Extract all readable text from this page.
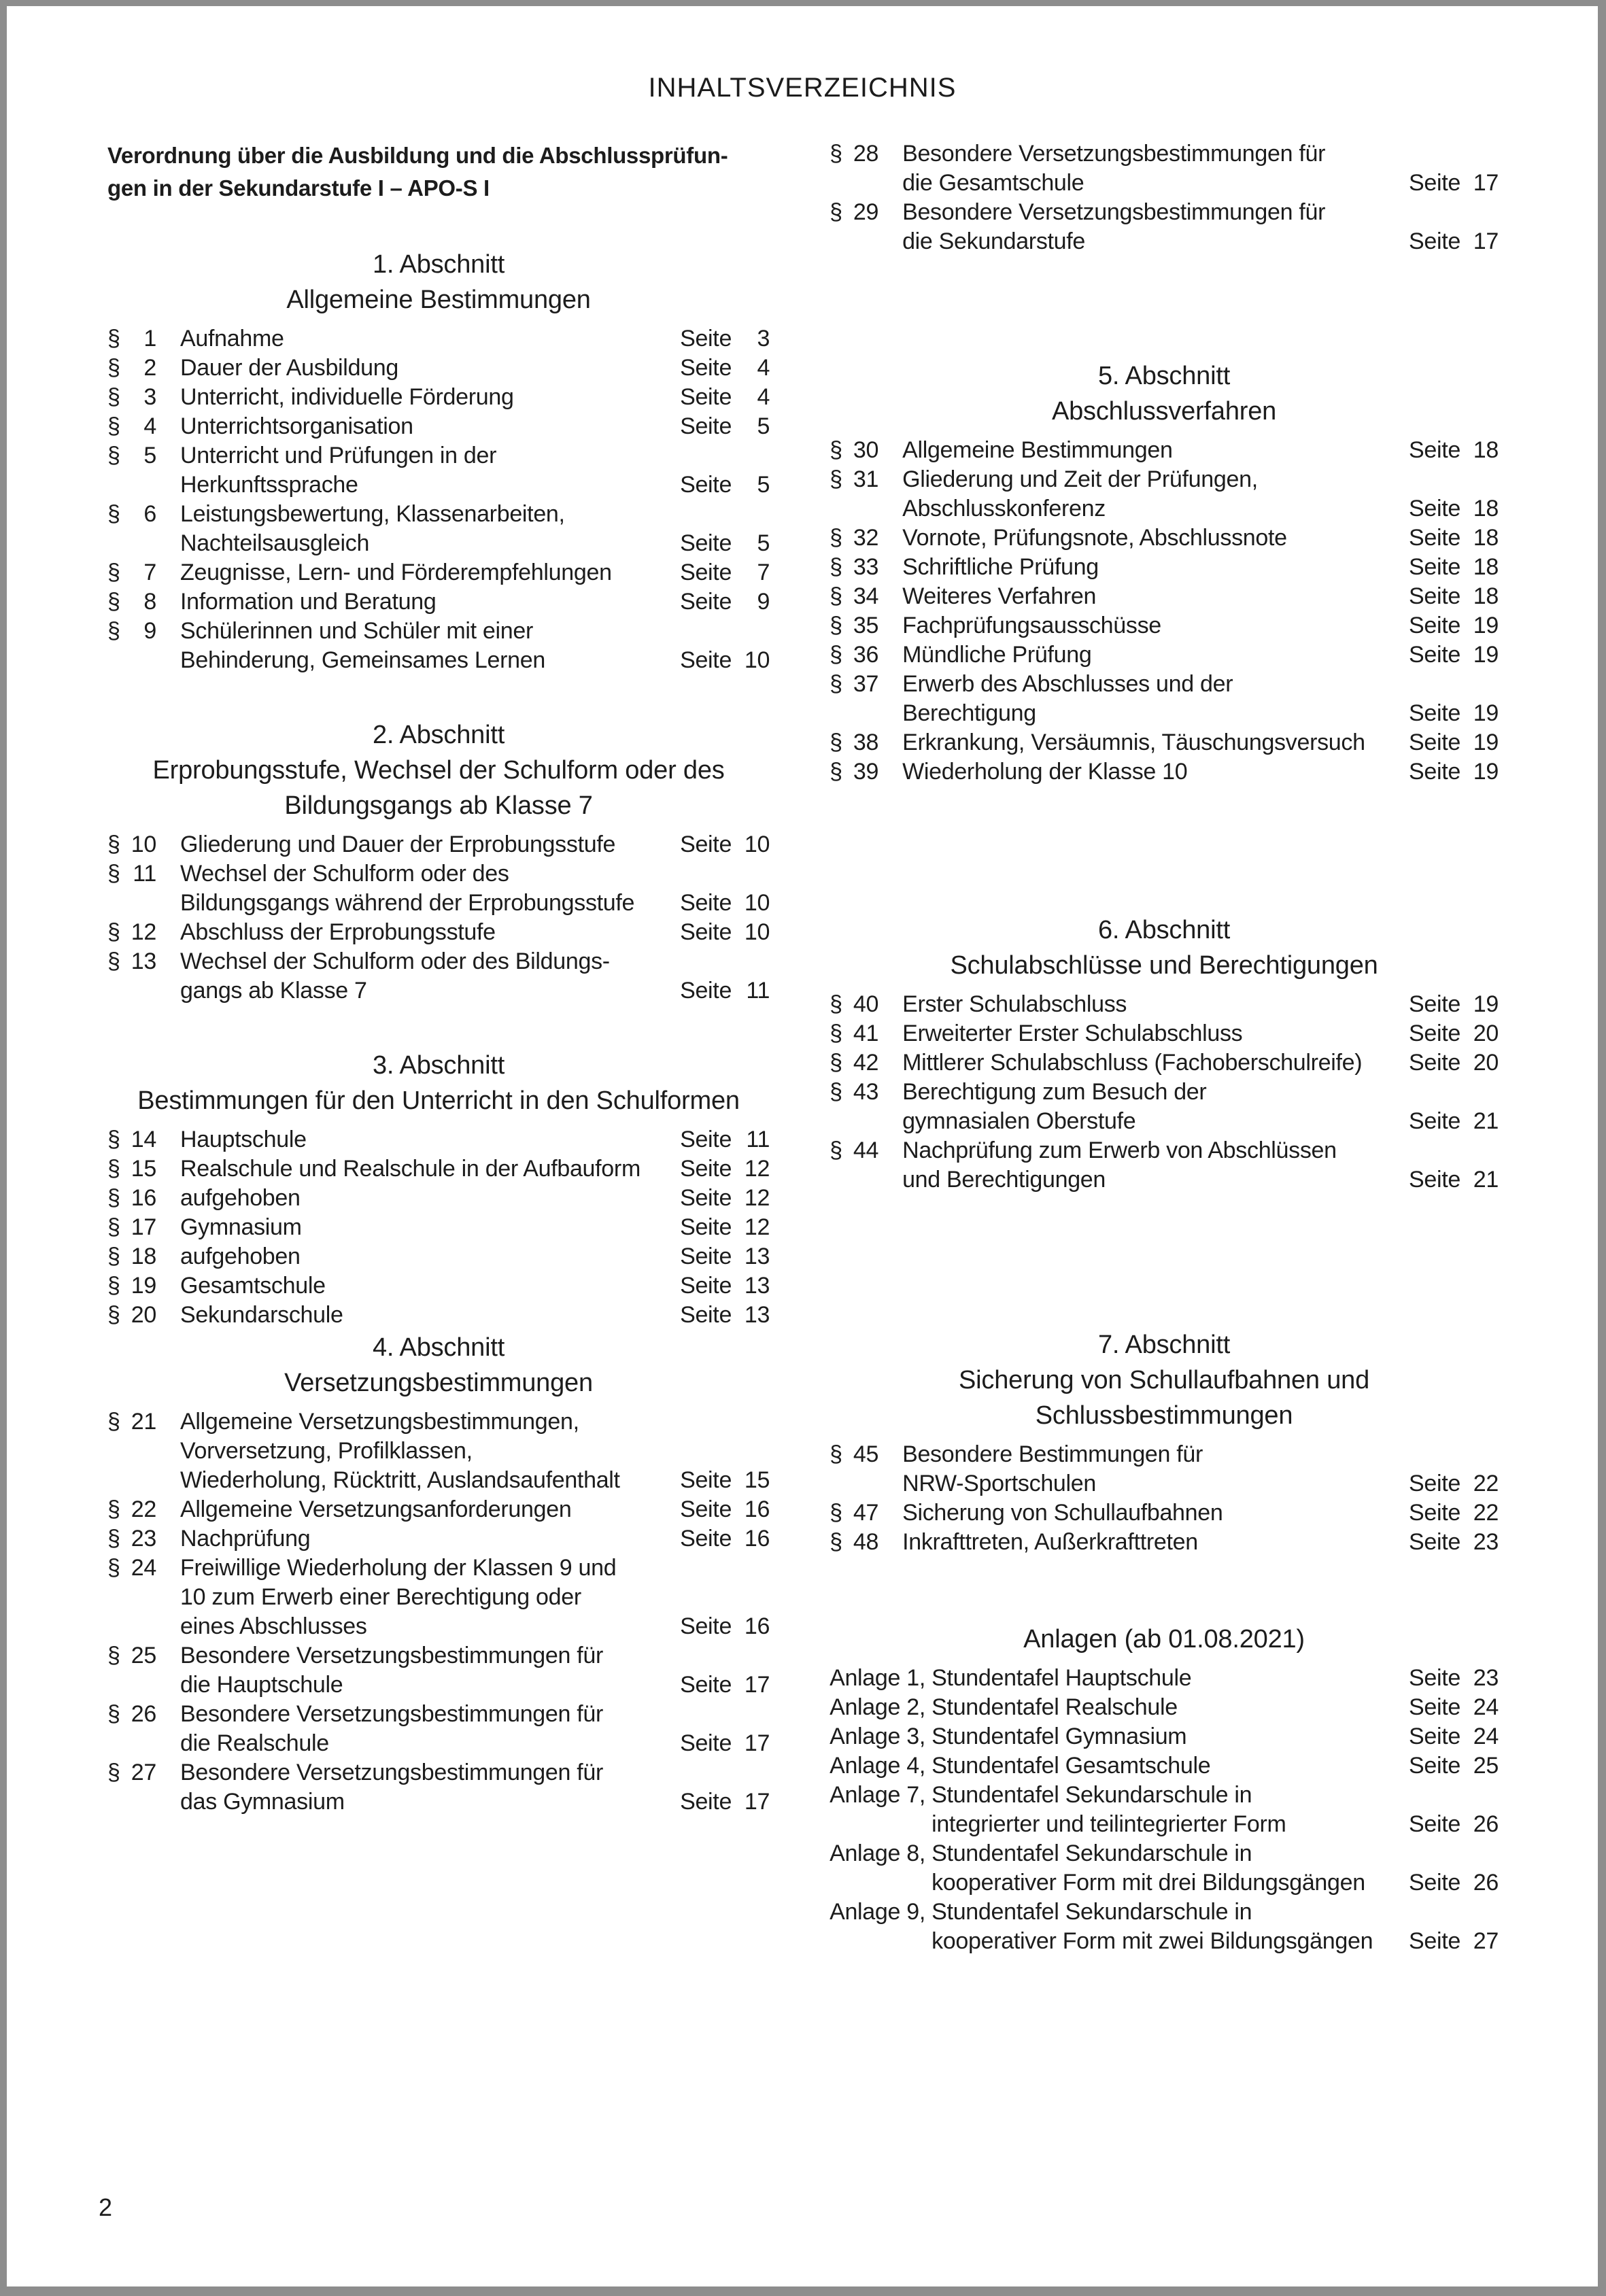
INHALTSVERZEICHNIS
Verordnung über die Ausbildung und die Abschlussprüfun-
gen in der Sekundarstufe I – APO-S I
1. Abschnitt
Allgemeine Bestimmungen
§	1 Aufnahme	Seite	3
§	2 Dauer der Ausbildung	Seite	4
§	3 Unterricht, individuelle Förderung	Seite	4
§	4 Unterrichtsorganisation	Seite	5
§	5 Unterricht und Prüfungen in der
Herkunftssprache	Seite	5
§	6 Leistungsbewertung, Klassenarbeiten,
Nachteilsausgleich	Seite	5
§	7 Zeugnisse, Lern- und Förderempfehlungen	Seite	7
§	8 Information und Beratung	Seite	9
§	9 Schülerinnen und Schüler mit einer
Behinderung, Gemeinsames Lernen	Seite 10
2. Abschnitt
Erprobungsstufe, Wechsel der Schulform oder des
Bildungsgangs ab Klasse 7
§ 10 Gliederung und Dauer der Erprobungsstufe	Seite 10
§ 11 Wechsel der Schulform oder des
Bildungsgangs während der Erprobungsstufe	Seite 10
§ 12 Abschluss der Erprobungsstufe	Seite 10
§ 13 Wechsel der Schulform oder des Bildungs-
gangs ab Klasse 7	Seite 11
3. Abschnitt
Bestimmungen für den Unterricht in den Schulformen
§ 14 Hauptschule	Seite 11
§ 15 Realschule und Realschule in der Aufbauform	Seite 12
§ 16 aufgehoben	Seite 12
§ 17 Gymnasium	Seite 12
§ 18 aufgehoben	Seite 13
§ 19 Gesamtschule	Seite 13
§ 20 Sekundarschule	Seite 13
4. Abschnitt
Versetzungsbestimmungen
§ 21 Allgemeine Versetzungsbestimmungen,
Vorversetzung, Profilklassen,
Wiederholung, Rücktritt, Auslandsaufenthalt	Seite 15
§ 22 Allgemeine Versetzungsanforderungen	Seite 16
§ 23 Nachprüfung	Seite 16
§ 24 Freiwillige Wiederholung der Klassen 9 und
10 zum Erwerb einer Berechtigung oder
eines Abschlusses	Seite 16
§ 25 Besondere Versetzungsbestimmungen für
die Hauptschule	Seite 17
§ 26 Besondere Versetzungsbestimmungen für
die Realschule	Seite 17
§ 27 Besondere Versetzungsbestimmungen für
das Gymnasium	Seite 17
§ 28 Besondere Versetzungsbestimmungen für
die Gesamtschule	Seite 17
§ 29 Besondere Versetzungsbestimmungen für
die Sekundarstufe	Seite 17
5. Abschnitt
Abschlussverfahren
§ 30 Allgemeine Bestimmungen	Seite 18
§ 31 Gliederung und Zeit der Prüfungen,
Abschlusskonferenz	Seite 18
§ 32 Vornote, Prüfungsnote, Abschlussnote	Seite 18
§ 33 Schriftliche Prüfung	Seite 18
§ 34 Weiteres Verfahren	Seite 18
§ 35 Fachprüfungsausschüsse	Seite 19
§ 36 Mündliche Prüfung	Seite 19
§ 37 Erwerb des Abschlusses und der
Berechtigung	Seite 19
§ 38 Erkrankung, Versäumnis, Täuschungsversuch	Seite 19
§ 39 Wiederholung der Klasse 10	Seite 19
6. Abschnitt
Schulabschlüsse und Berechtigungen
§ 40 Erster Schulabschluss	Seite 19
§ 41 Erweiterter Erster Schulabschluss	Seite 20
§ 42 Mittlerer Schulabschluss (Fachoberschulreife)	Seite 20
§ 43 Berechtigung zum Besuch der
gymnasialen Oberstufe	Seite 21
§ 44 Nachprüfung zum Erwerb von Abschlüssen
und Berechtigungen	Seite 21
7. Abschnitt
Sicherung von Schullaufbahnen und
Schlussbestimmungen
§ 45 Besondere Bestimmungen für
NRW-Sportschulen	Seite 22
§ 47 Sicherung von Schullaufbahnen	Seite 22
§ 48 Inkrafttreten, Außerkrafttreten	Seite 23
Anlagen (ab 01.08.2021)
Anlage 1, Stundentafel Hauptschule	Seite 23
Anlage 2, Stundentafel Realschule	Seite 24
Anlage 3, Stundentafel Gymnasium	Seite 24
Anlage 4, Stundentafel Gesamtschule	Seite 25
Anlage 7, Stundentafel Sekundarschule in
integrierter und teilintegrierter Form	Seite 26
Anlage 8, Stundentafel Sekundarschule in
kooperativer Form mit drei Bildungsgängen	Seite 26
Anlage 9, Stundentafel Sekundarschule in
kooperativer Form mit zwei Bildungsgängen	Seite 27
2
